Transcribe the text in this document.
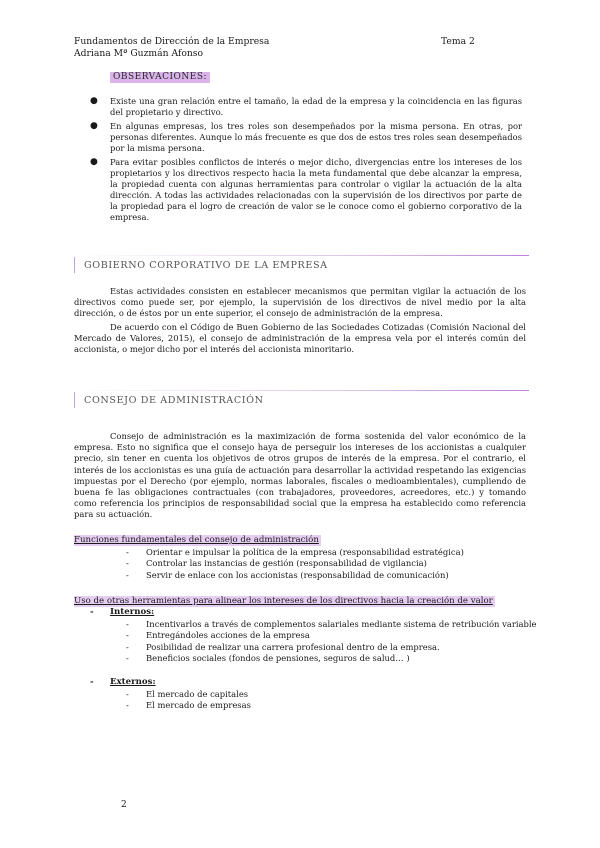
Fundamentos de Dirección de la Empresa
Adriana Mª Guzmán Afonso
Tema 2
OBSERVACIONES:
● Existe una gran relación entre el tamaño, la edad de la empresa y la coincidencia en las figuras del propietario y directivo.
● En algunas empresas, los tres roles son desempeñados por la misma persona. En otras, por personas diferentes. Aunque lo más frecuente es que dos de estos tres roles sean desempeñados por la misma persona.
● Para evitar posibles conflictos de interés o mejor dicho, divergencias entre los intereses de los propietarios y los directivos respecto hacia la meta fundamental que debe alcanzar la empresa, la propiedad cuenta con algunas herramientas para controlar o vigilar la actuación de la alta dirección. A todas las actividades relacionadas con la supervisión de los directivos por parte de la propiedad para el logro de creación de valor se le conoce como el gobierno corporativo de la empresa.
GOBIERNO CORPORATIVO DE LA EMPRESA
Estas actividades consisten en establecer mecanismos que permitan vigilar la actuación de los directivos como puede ser, por ejemplo, la supervisión de los directivos de nivel medio por la alta dirección, o de éstos por un ente superior, el consejo de administración de la empresa.
De acuerdo con el Código de Buen Gobierno de las Sociedades Cotizadas (Comisión Nacional del Mercado de Valores, 2015), el consejo de administración de la empresa vela por el interés común del accionista, o mejor dicho por el interés del accionista minoritario.
CONSEJO DE ADMINISTRACIÓN
Consejo de administración es la maximización de forma sostenida del valor económico de la empresa. Esto no significa que el consejo haya de perseguir los intereses de los accionistas a cualquier precio, sin tener en cuenta los objetivos de otros grupos de interés de la empresa. Por el contrario, el interés de los accionistas es una guía de actuación para desarrollar la actividad respetando las exigencias impuestas por el Derecho (por ejemplo, normas laborales, fiscales o medioambientales), cumpliendo de buena fe las obligaciones contractuales (con trabajadores, proveedores, acreedores, etc.) y tomando como referencia los principios de responsabilidad social que la empresa ha establecido como referencia para su actuación.
Funciones fundamentales del consejo de administración
- Orientar e impulsar la política de la empresa (responsabilidad estratégica)
- Controlar las instancias de gestión (responsabilidad de vigilancia)
- Servir de enlace con los accionistas (responsabilidad de comunicación)
Uso de otras herramientas para alinear los intereses de los directivos hacia la creación de valor
- Internos:
- Incentivarlos a través de complementos salariales mediante sistema de retribución variable
- Entregándoles acciones de la empresa
- Posibilidad de realizar una carrera profesional dentro de la empresa.
- Beneficios sociales (fondos de pensiones, seguros de salud… )
- Externos:
- El mercado de capitales
- El mercado de empresas
2
